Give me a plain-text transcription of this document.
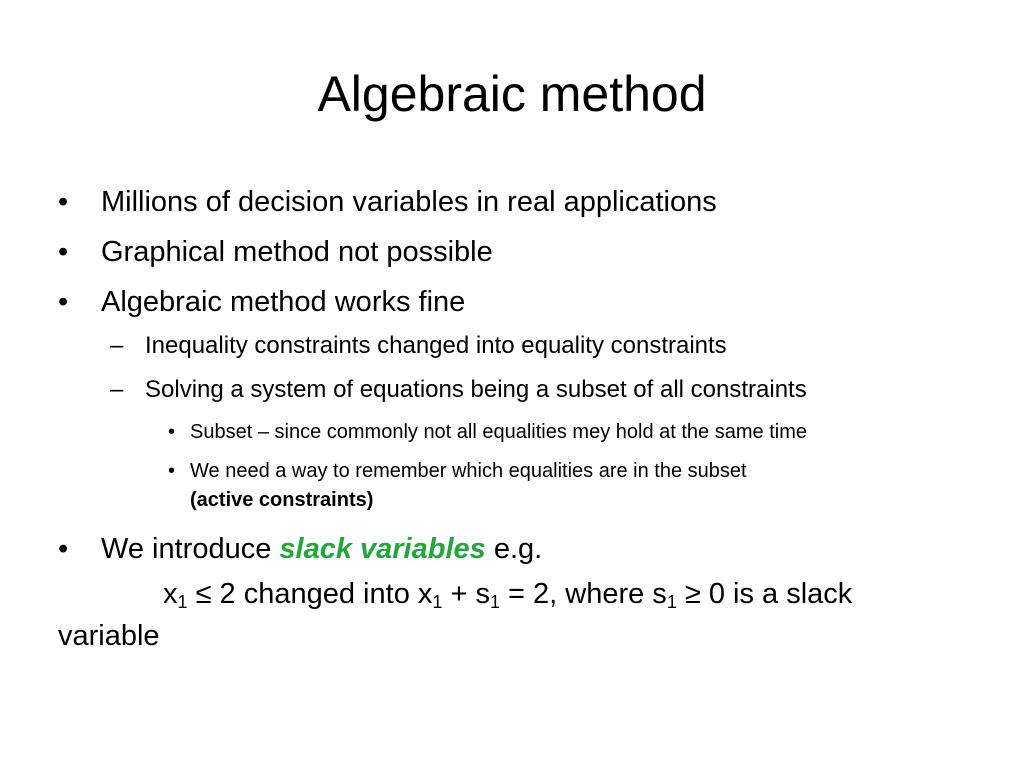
Algebraic method
• Millions of decision variables in real applications
• Graphical method not possible
• Algebraic method works fine
– Inequality constraints changed into equality constraints
– Solving a system of equations being a subset of all constraints
• Subset – since commonly not all equalities mey hold at the same time
• We need a way to remember which equalities are in the subset
(active constraints)
• We introduce slack variables e.g.
$x_1 \le 2$ changed into $x_1 + s_1 = 2$, where $s_1 \ge 0$ is a slack variable
